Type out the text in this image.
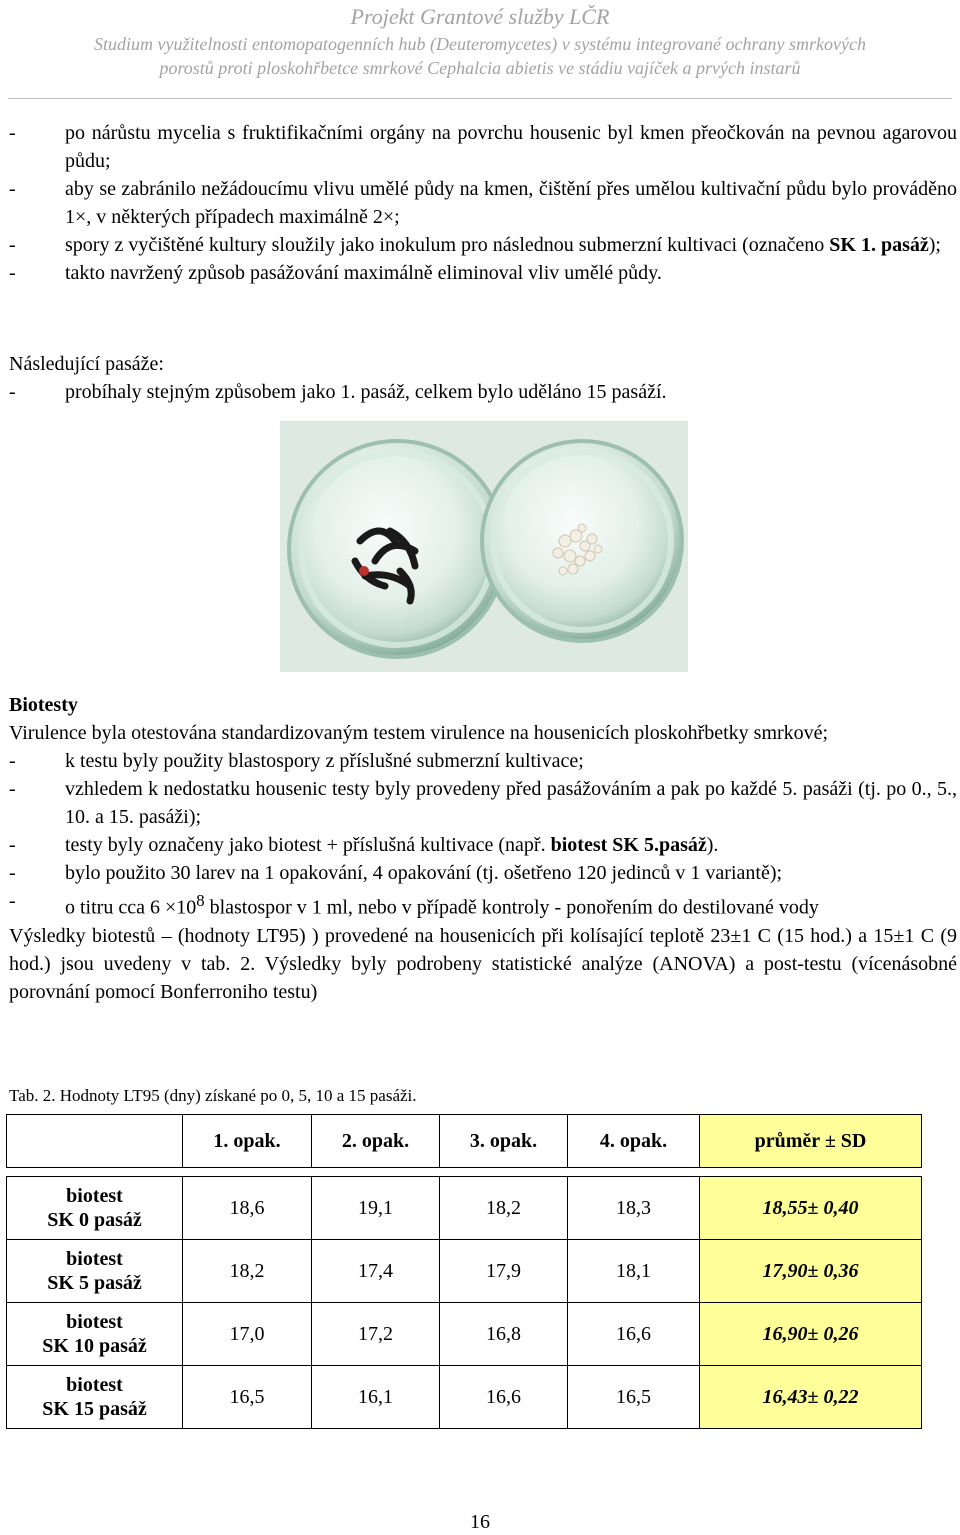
Projekt Grantové služby LČR
Studium využitelnosti entomopatogenních hub (Deuteromycetes) v systému integrované ochrany smrkových
porostů proti ploskohřbetce smrkové Cephalcia abietis ve stádiu vajíček a prvých instarů

- po nárůstu mycelia s fruktifikačními orgány na povrchu housenic byl kmen přeočkován na pevnou agarovou půdu;

- aby se zabránilo nežádoucímu vlivu umělé půdy na kmen, čištění přes umělou kultivační půdu bylo prováděno 1×, v některých případech maximálně 2×;

- spory z vyčištěné kultury sloužily jako inokulum pro následnou submerzní kultivaci (označeno SK 1. pasáž);

- takto navržený způsob pasážování maximálně eliminoval vliv umělé půdy.

Následující pasáže:

- probíhaly stejným způsobem jako 1. pasáž, celkem bylo uděláno 15 pasáží.

Biotesty

Virulence byla otestována standardizovaným testem virulence na housenicích ploskohřbetky smrkové;

- k testu byly použity blastospory z příslušné submerzní kultivace;

- vzhledem k nedostatku housenic testy byly provedeny před pasážováním a pak po každé 5. pasáži (tj. po 0., 5., 10. a 15. pasáži);

- testy byly označeny jako biotest + příslušná kultivace (např. biotest SK 5.pasáž).

- bylo použito 30 larev na 1 opakování, 4 opakování (tj. ošetřeno 120 jedinců v 1 variantě);

- o titru cca $6 \times 10^8$ blastospor v 1 ml, nebo v případě kontroly - ponořením do destilované vody

Výsledky biotestů – (hodnoty LT95) ) provedené na housenicích při kolísající teplotě 23±1 C (15 hod.) a 15±1 C (9 hod.) jsou uvedeny v tab. 2. Výsledky byly podrobeny statistické analýze (ANOVA) a post-testu (vícenásobné porovnání pomocí Bonferroniho testu)

Tab. 2. Hodnoty LT95 (dny) získané po 0, 5, 10 a 15 pasáži.
	1. opak.	2. opak.	3. opak.	4. opak.	průměr ± SD

biotest
SK 0 pasáž	18,6	19,1	18,2	18,3	18,55± 0,40

biotest
SK 5 pasáž	18,2	17,4	17,9	18,1	17,90± 0,36

biotest
SK 10 pasáž	17,0	17,2	16,8	16,6	16,90± 0,26

biotest
SK 15 pasáž	16,5	16,1	16,6	16,5	16,43± 0,22
16
